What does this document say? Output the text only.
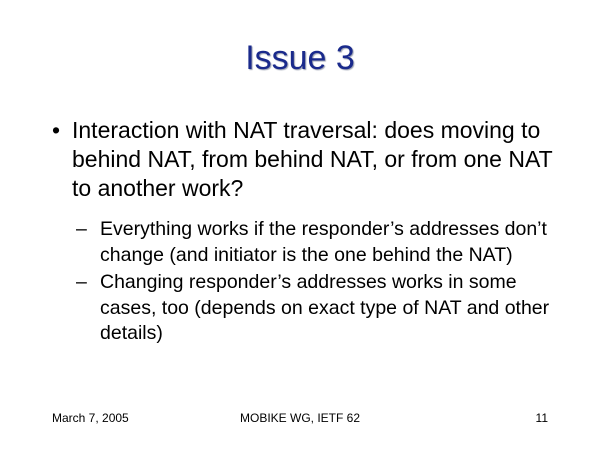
Issue 3
• Interaction with NAT traversal: does moving to behind NAT, from behind NAT, or from one NAT to another work?
– Everything works if the responder’s addresses don’t change (and initiator is the one behind the NAT)
– Changing responder’s addresses works in some cases, too (depends on exact type of NAT and other details)
March 7, 2005	MOBIKE WG, IETF 62	11
